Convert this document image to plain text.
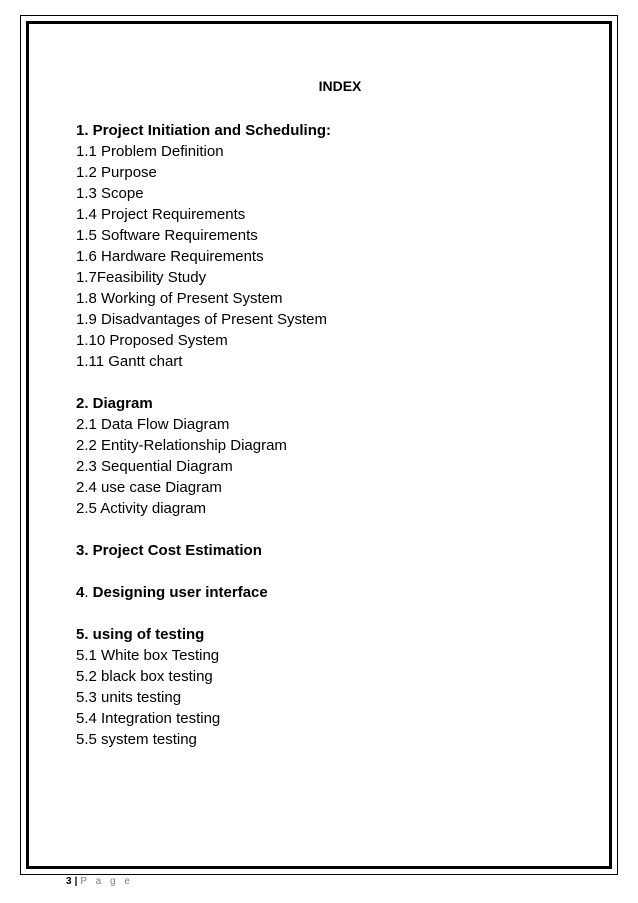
INDEX
1. Project Initiation and Scheduling:
1.1 Problem Definition
1.2 Purpose
1.3 Scope
1.4 Project Requirements
1.5 Software Requirements
1.6 Hardware Requirements
1.7Feasibility Study
1.8 Working of Present System
1.9 Disadvantages of Present System
1.10 Proposed System
1.11 Gantt chart
2. Diagram
2.1 Data Flow Diagram
2.2 Entity-Relationship Diagram
2.3 Sequential Diagram
2.4 use case Diagram
2.5 Activity diagram
3. Project Cost Estimation
4. Designing user interface
5. using of testing
5.1 White box Testing
5.2 black box testing
5.3 units testing
5.4 Integration testing
5.5 system testing
3 | P a g e
